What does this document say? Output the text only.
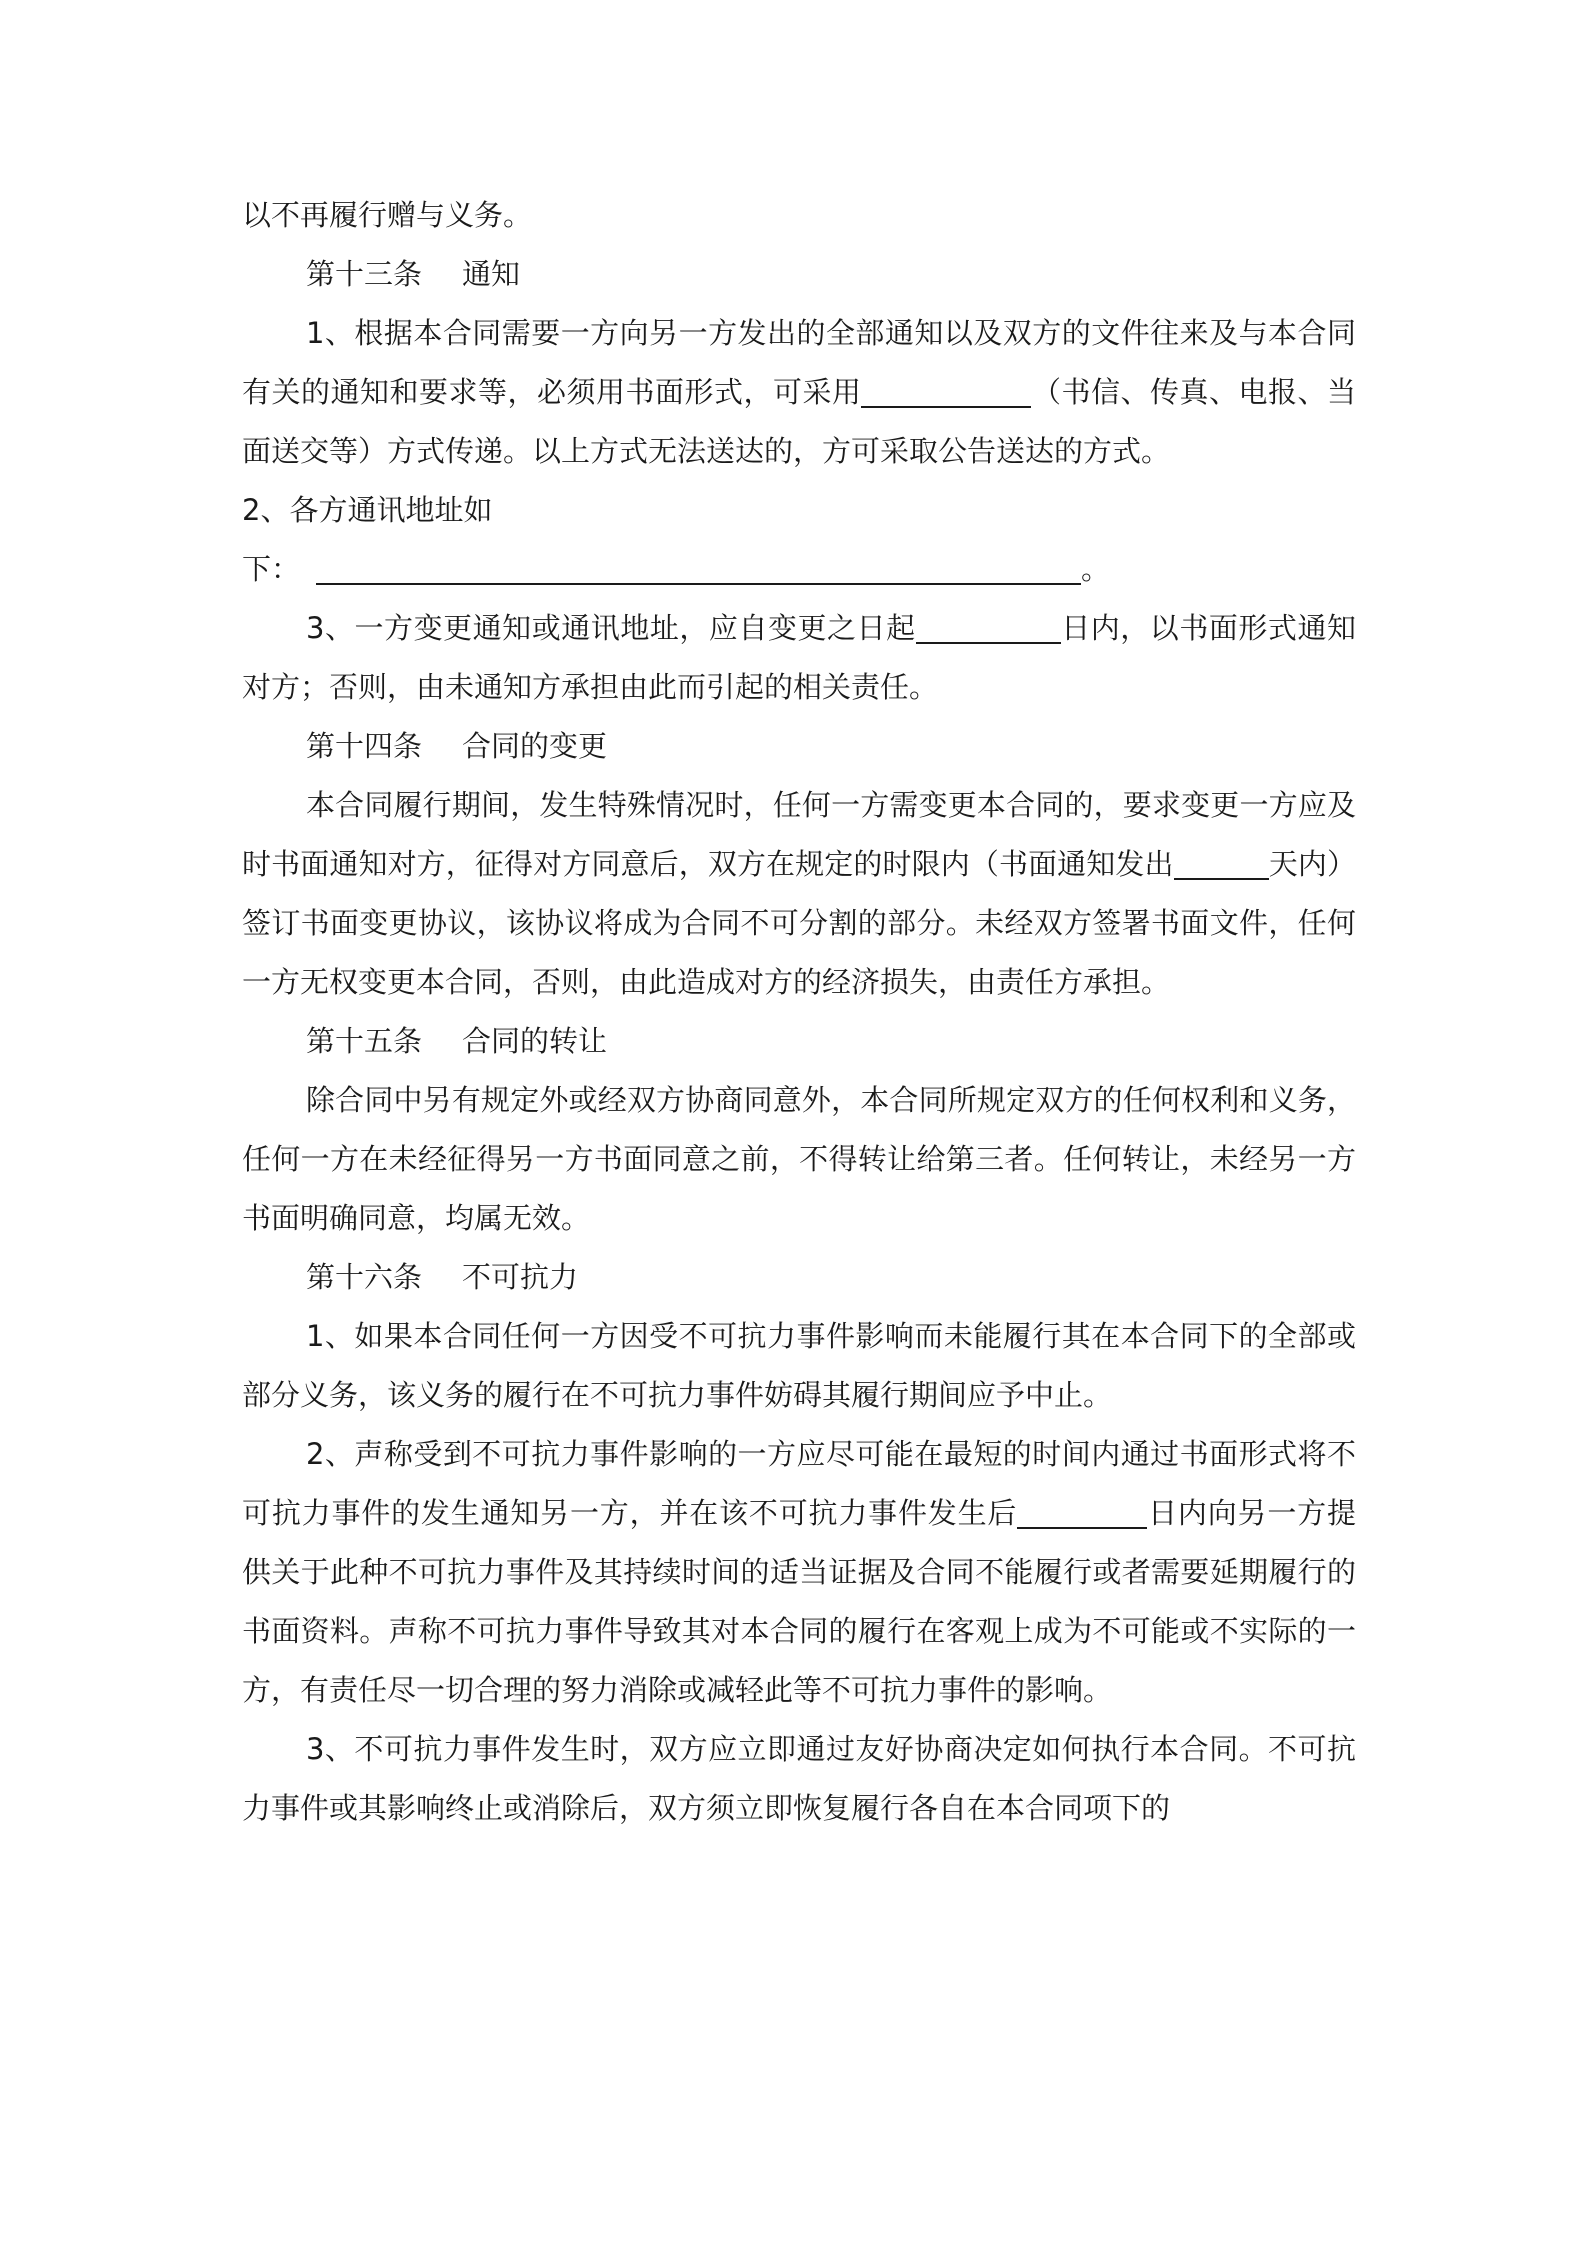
以不再履行赠与义务。

第十三条 通知

1、根据本合同需要一方向另一方发出的全部通知以及双方的文件往来及与本合同有关的通知和要求等，必须用书面形式，可采用	（书信、传真、电报、当面送交等）方式传递。以上方式无法送达的，方可采取公告送达的方式。

2、各方通讯地址如

下：	。

3、一方变更通知或通讯地址，应自变更之日起	日内，以书面形式通知对方；否则，由未通知方承担由此而引起的相关责任。

第十四条 合同的变更

本合同履行期间，发生特殊情况时，任何一方需变更本合同的，要求变更一方应及时书面通知对方，征得对方同意后，双方在规定的时限内（书面通知发出	天内）签订书面变更协议，该协议将成为合同不可分割的部分。未经双方签署书面文件，任何一方无权变更本合同，否则，由此造成对方的经济损失，由责任方承担。

第十五条 合同的转让

除合同中另有规定外或经双方协商同意外，本合同所规定双方的任何权利和义务，任何一方在未经征得另一方书面同意之前，不得转让给第三者。任何转让，未经另一方书面明确同意，均属无效。

第十六条 不可抗力

1、如果本合同任何一方因受不可抗力事件影响而未能履行其在本合同下的全部或部分义务，该义务的履行在不可抗力事件妨碍其履行期间应予中止。

2、声称受到不可抗力事件影响的一方应尽可能在最短的时间内通过书面形式将不可抗力事件的发生通知另一方，并在该不可抗力事件发生后	日内向另一方提供关于此种不可抗力事件及其持续时间的适当证据及合同不能履行或者需要延期履行的书面资料。声称不可抗力事件导致其对本合同的履行在客观上成为不可能或不实际的一方，有责任尽一切合理的努力消除或减轻此等不可抗力事件的影响。

3、不可抗力事件发生时，双方应立即通过友好协商决定如何执行本合同。不可抗力事件或其影响终止或消除后，双方须立即恢复履行各自在本合同项下的
